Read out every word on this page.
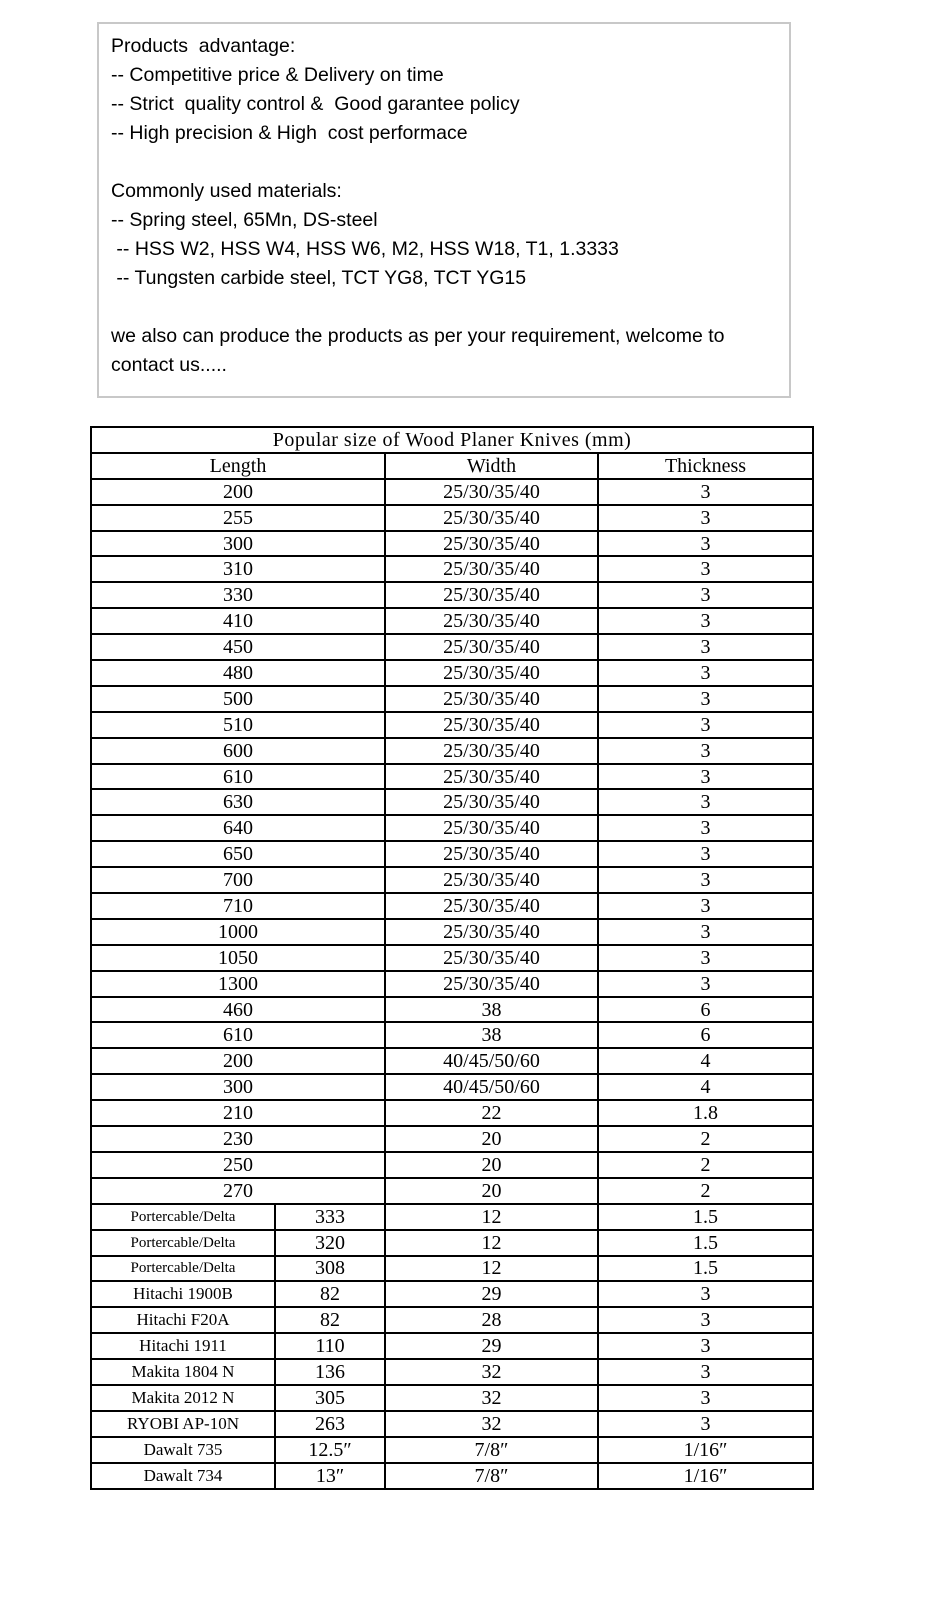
Products  advantage:
-- Competitive price & Delivery on time
-- Strict  quality control &  Good garantee policy
-- High precision & High  cost performace
Commonly used materials:
-- Spring steel, 65Mn, DS-steel
-- HSS W2, HSS W4, HSS W6, M2, HSS W18, T1, 1.3333
-- Tungsten carbide steel, TCT YG8, TCT YG15
we also can produce the products as per your requirement, welcome to contact us.....
Popular size of Wood Planer Knives (mm)			
Length		Width	Thickness
200		25/30/35/40	3
255		25/30/35/40	3
300		25/30/35/40	3
310		25/30/35/40	3
330		25/30/35/40	3
410		25/30/35/40	3
450		25/30/35/40	3
480		25/30/35/40	3
500		25/30/35/40	3
510		25/30/35/40	3
600		25/30/35/40	3
610		25/30/35/40	3
630		25/30/35/40	3
640		25/30/35/40	3
650		25/30/35/40	3
700		25/30/35/40	3
710		25/30/35/40	3
1000		25/30/35/40	3
1050		25/30/35/40	3
1300		25/30/35/40	3
460		38	6
610		38	6
200		40/45/50/60	4
300		40/45/50/60	4
210		22	1.8
230		20	2
250		20	2
270		20	2
Portercable/Delta	333	12	1.5
Portercable/Delta	320	12	1.5
Portercable/Delta	308	12	1.5
Hitachi 1900B	82	29	3
Hitachi F20A	82	28	3
Hitachi 1911	110	29	3
Makita 1804 N	136	32	3
Makita 2012 N	305	32	3
RYOBI AP-10N	263	32	3
Dawalt 735	12.5″	7/8″	1/16″
Dawalt 734	13″	7/8″	1/16″
